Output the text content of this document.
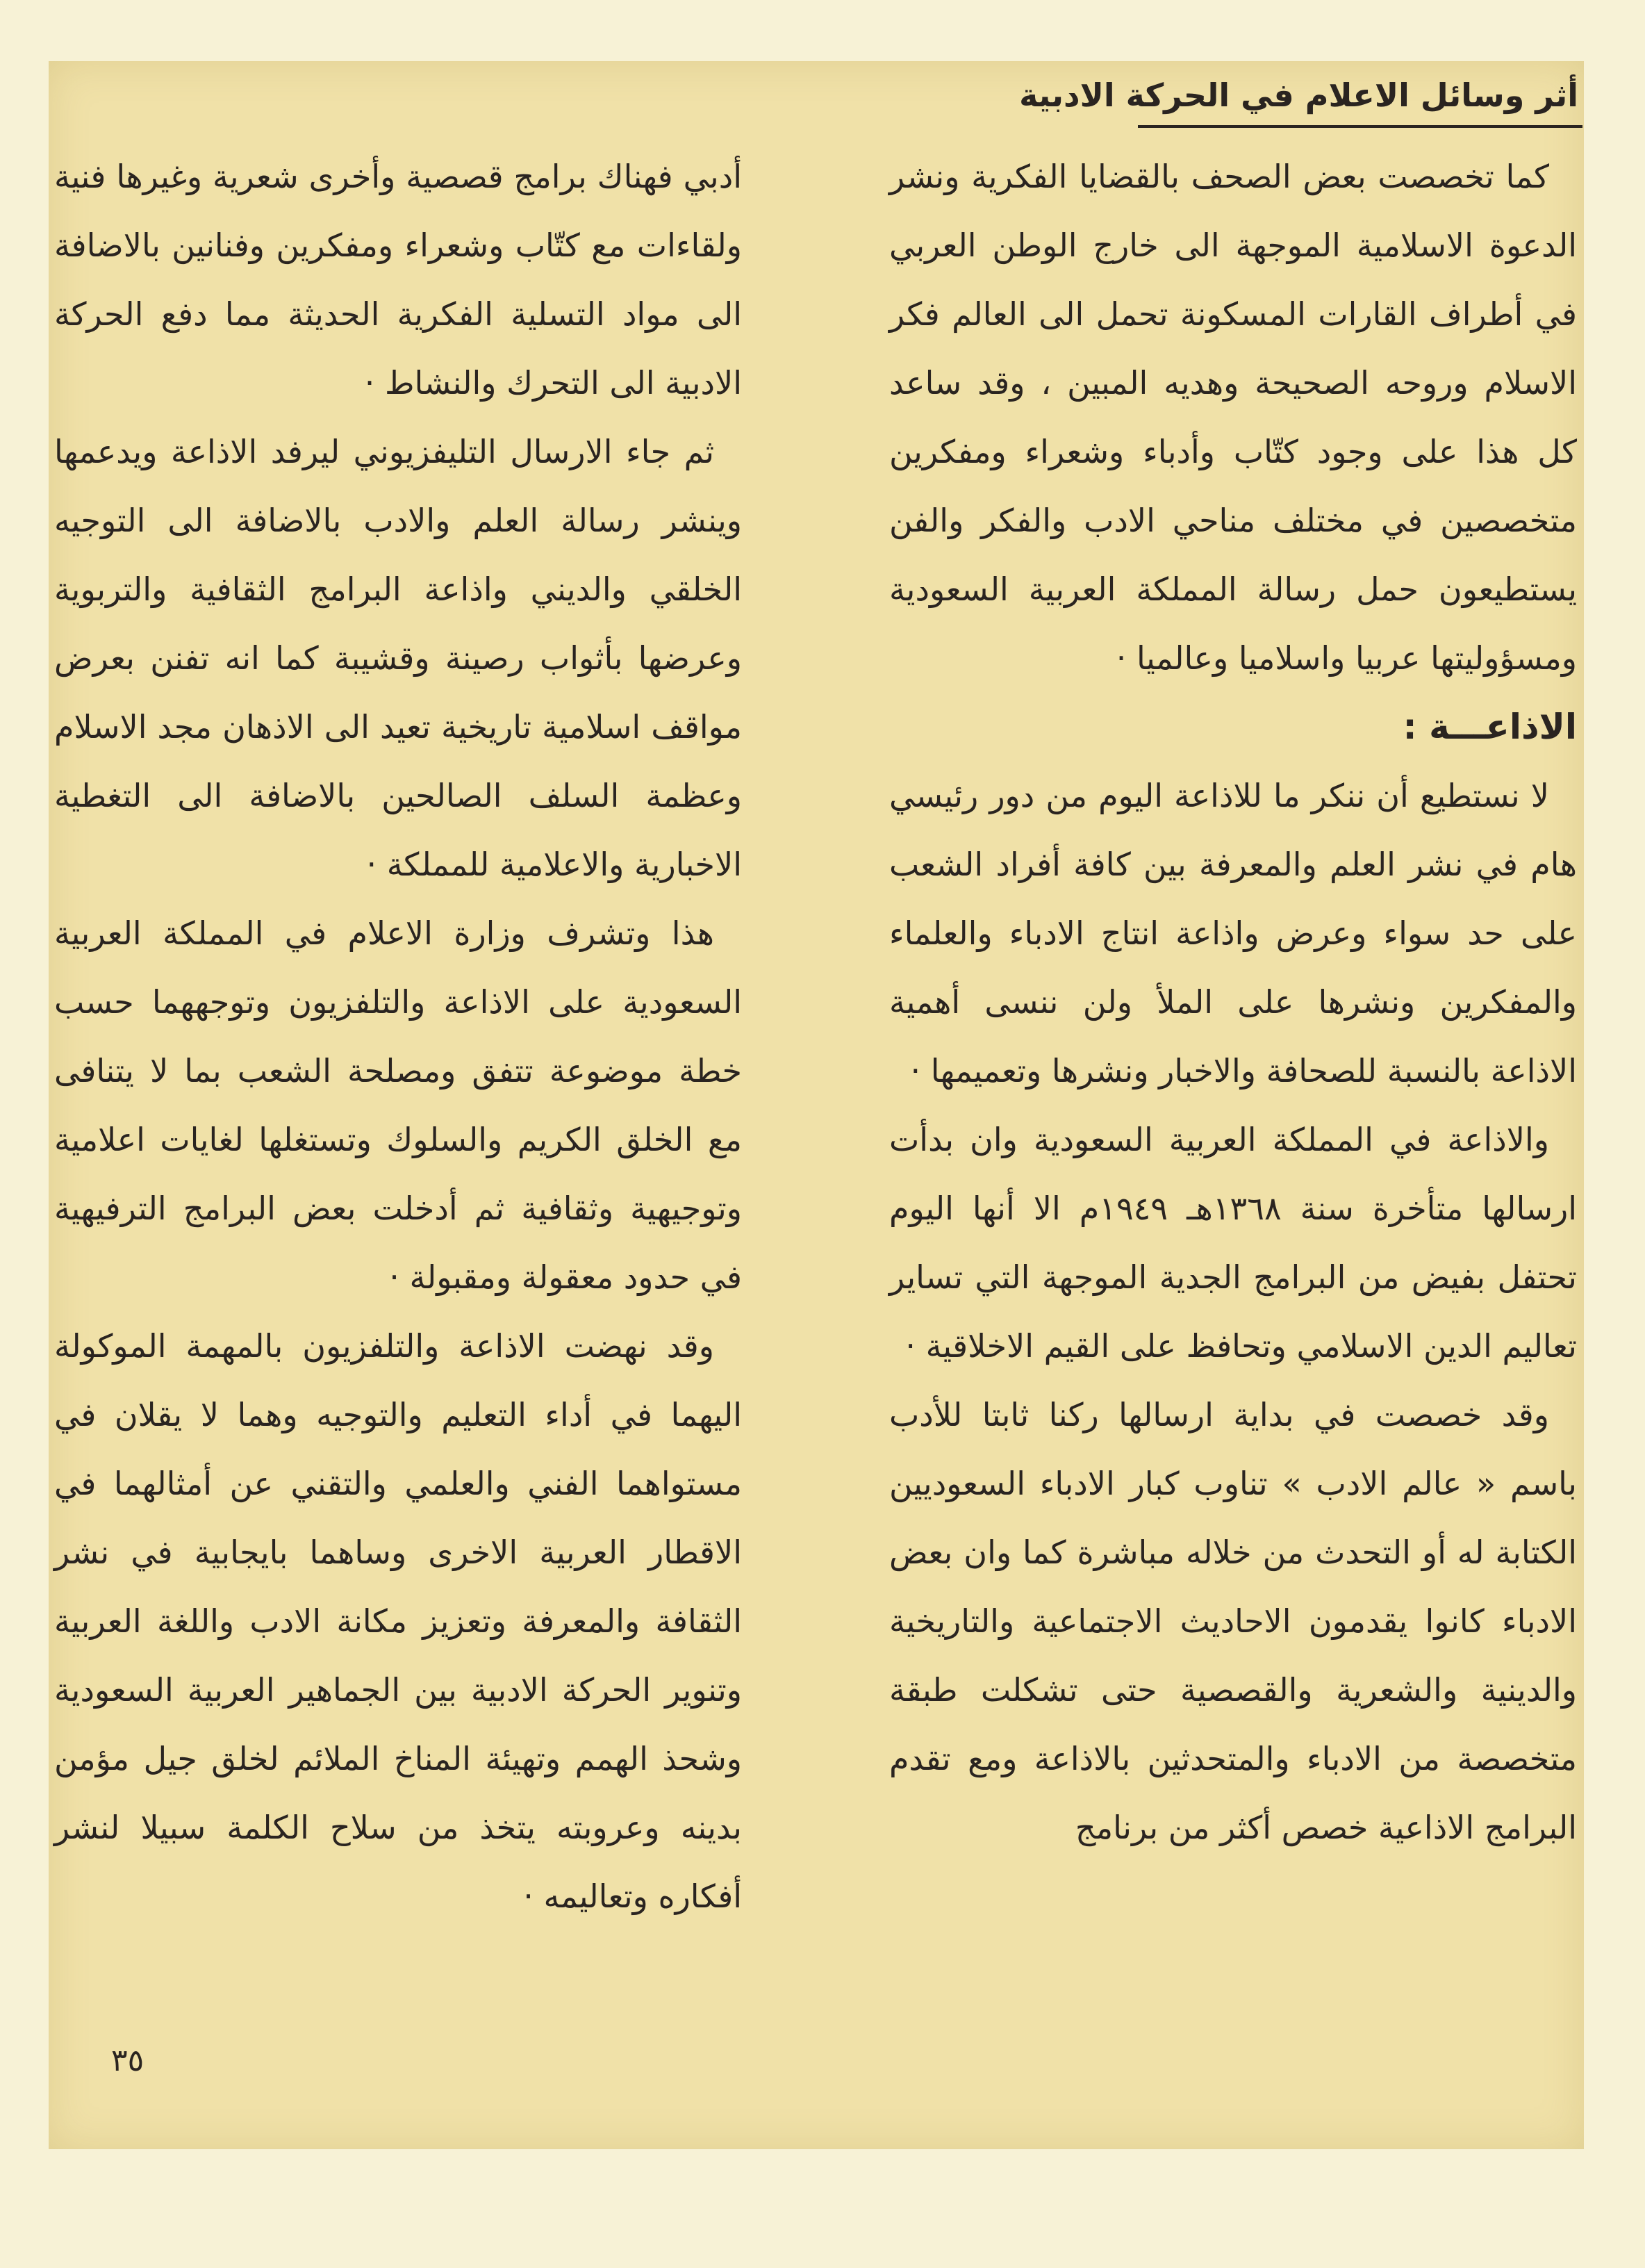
أثر وسائل الاعلام في الحركة الادبية

كما تخصصت بعض الصحف بالقضايا الفكرية ونشر الدعوة الاسلامية الموجهة الى خارج الوطن العربي في أطراف القارات المسكونة تحمل الى العالم فكر الاسلام وروحه الصحيحة وهديه المبين ، وقد ساعد كل هذا على وجود كتّاب وأدباء وشعراء ومفكرين متخصصين في مختلف مناحي الادب والفكر والفن يستطيعون حمل رسالة المملكة العربية السعودية ومسؤوليتها عربيا واسلاميا وعالميا ·

الاذاعـــة :

لا نستطيع أن ننكر ما للاذاعة اليوم من دور رئيسي هام في نشر العلم والمعرفة بين كافة أفراد الشعب على حد سواء وعرض واذاعة انتاج الادباء والعلماء والمفكرين ونشرها على الملأ ولن ننسى أهمية الاذاعة بالنسبة للصحافة والاخبار ونشرها وتعميمها ·

والاذاعة في المملكة العربية السعودية وان بدأت ارسالها متأخرة سنة ١٣٦٨هـ ١٩٤٩م الا أنها اليوم تحتفل بفيض من البرامج الجدية الموجهة التي تساير تعاليم الدين الاسلامي وتحافظ على القيم الاخلاقية ·

وقد خصصت في بداية ارسالها ركنا ثابتا للأدب باسم « عالم الادب » تناوب كبار الادباء السعوديين الكتابة له أو التحدث من خلاله مباشرة كما وان بعض الادباء كانوا يقدمون الاحاديث الاجتماعية والتاريخية والدينية والشعرية والقصصية حتى تشكلت طبقة متخصصة من الادباء والمتحدثين بالاذاعة ومع تقدم البرامج الاذاعية خصص أكثر من برنامج

أدبي فهناك برامج قصصية وأخرى شعرية وغيرها فنية ولقاءات مع كتّاب وشعراء ومفكرين وفنانين بالاضافة الى مواد التسلية الفكرية الحديثة مما دفع الحركة الادبية الى التحرك والنشاط ·

ثم جاء الارسال التليفزيوني ليرفد الاذاعة ويدعمها وينشر رسالة العلم والادب بالاضافة الى التوجيه الخلقي والديني واذاعة البرامج الثقافية والتربوية وعرضها بأثواب رصينة وقشيبة كما انه تفنن بعرض مواقف اسلامية تاريخية تعيد الى الاذهان مجد الاسلام وعظمة السلف الصالحين بالاضافة الى التغطية الاخبارية والاعلامية للمملكة ·

هذا وتشرف وزارة الاعلام في المملكة العربية السعودية على الاذاعة والتلفزيون وتوجههما حسب خطة موضوعة تتفق ومصلحة الشعب بما لا يتنافى مع الخلق الكريم والسلوك وتستغلها لغايات اعلامية وتوجيهية وثقافية ثم أدخلت بعض البرامج الترفيهية في حدود معقولة ومقبولة ·

وقد نهضت الاذاعة والتلفزيون بالمهمة الموكولة اليهما في أداء التعليم والتوجيه وهما لا يقلان في مستواهما الفني والعلمي والتقني عن أمثالهما في الاقطار العربية الاخرى وساهما بايجابية في نشر الثقافة والمعرفة وتعزيز مكانة الادب واللغة العربية وتنوير الحركة الادبية بين الجماهير العربية السعودية وشحذ الهمم وتهيئة المناخ الملائم لخلق جيل مؤمن بدينه وعروبته يتخذ من سلاح الكلمة سبيلا لنشر أفكاره وتعاليمه ·

٣٥
